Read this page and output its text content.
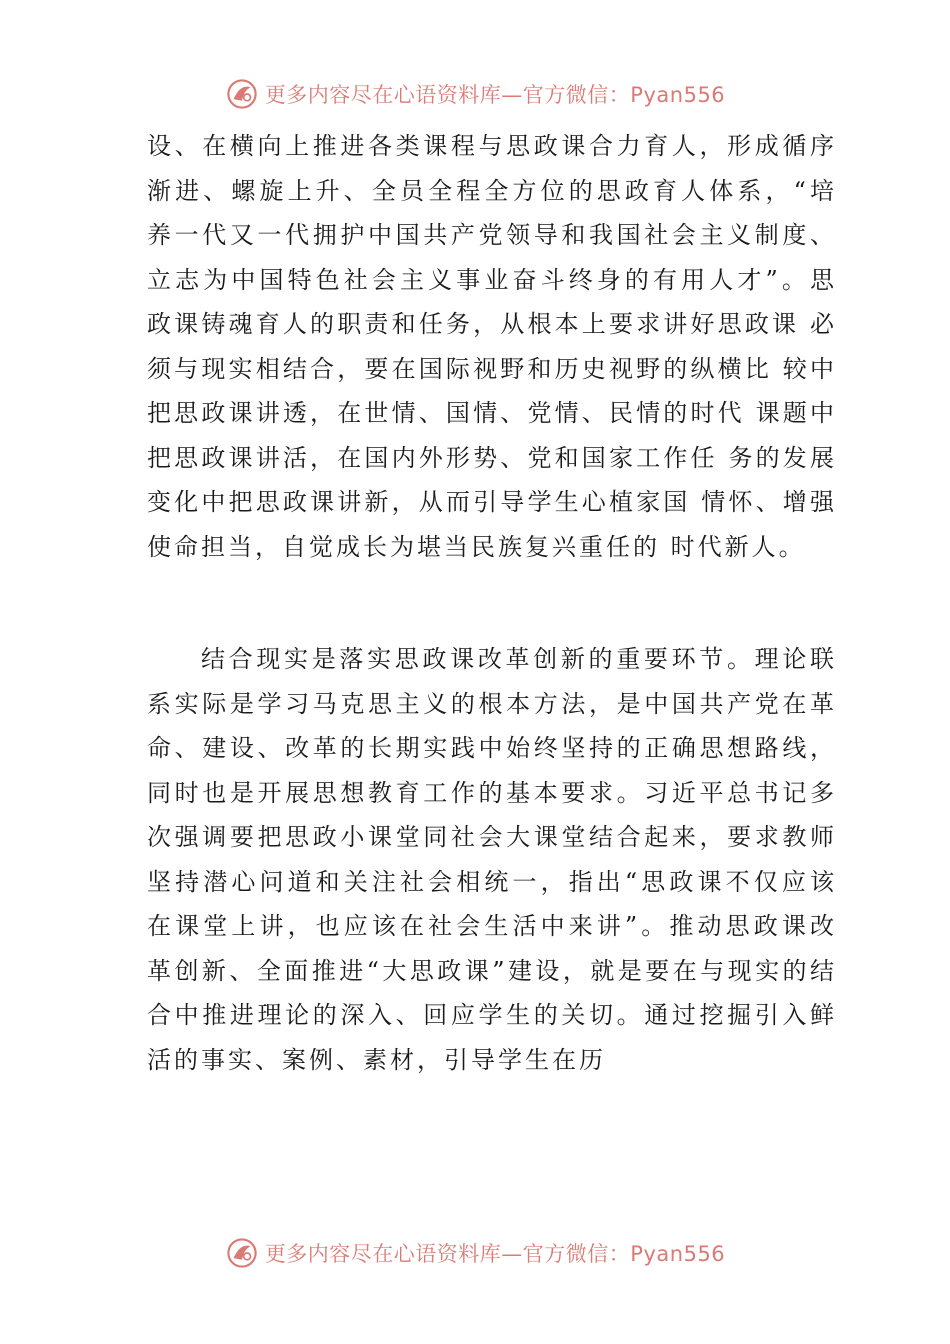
更多内容尽在心语资料库—官方微信：Pyan556

设、在横向上推进各类课程与思政课合力育人，形成循序渐进、螺旋上升、全员全程全方位的思政育人体系，“培养一代又一代拥护中国共产党领导和我国社会主义制度、立志为中国特色社会主义事业奋斗终身的有用人才”。思 政课铸魂育人的职责和任务，从根本上要求讲好思政课 必须与现实相结合，要在国际视野和历史视野的纵横比 较中把思政课讲透，在世情、国情、党情、民情的时代 课题中把思政课讲活，在国内外形势、党和国家工作任 务的发展变化中把思政课讲新，从而引导学生心植家国 情怀、增强使命担当，自觉成长为堪当民族复兴重任的 时代新人。

结合现实是落实思政课改革创新的重要环节。理论联系实际是学习马克思主义的根本方法，是中国共产党在革命、建设、改革的长期实践中始终坚持的正确思想路线，同时也是开展思想教育工作的基本要求。习近平总书记多次强调要把思政小课堂同社会大课堂结合起来，要求教师坚持潜心问道和关注社会相统一，指出“思政课不仅应该在课堂上讲，也应该在社会生活中来讲”。推动思政课改革创新、全面推进“大思政课”建设，就是要在与现实的结合中推进理论的深入、回应学生的关切。通过挖掘引入鲜活的事实、案例、素材，引导学生在历

更多内容尽在心语资料库—官方微信：Pyan556
